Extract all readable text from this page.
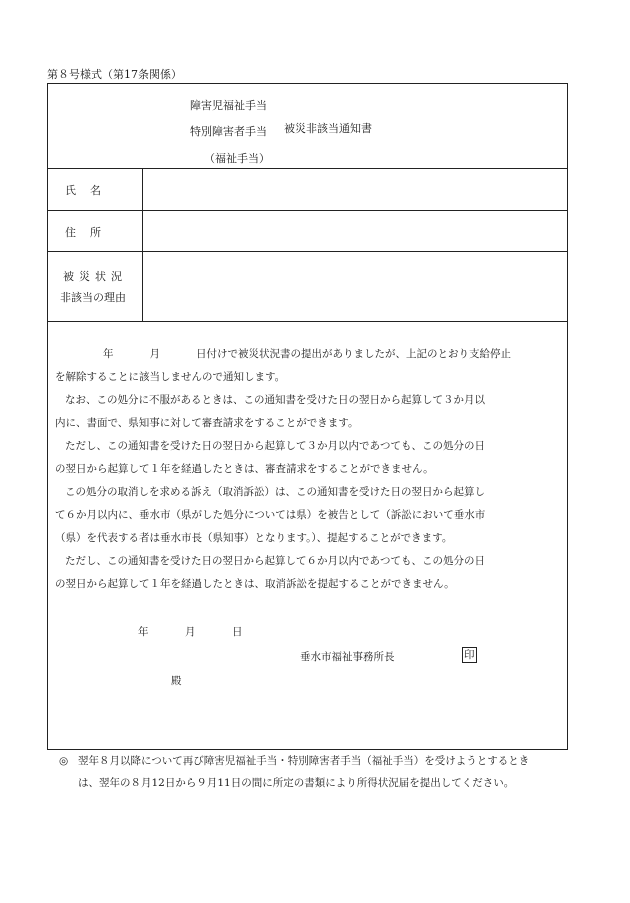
第８号様式（第17条関係）
障害児福祉手当
特別障害者手当 被災非該当通知書
（福祉手当）
氏名
住所
被災状況
非該当の理由
年	月	日付けで被災状況書の提出がありましたが、上記のとおり支給停止
を解除することに該当しませんので通知します。
なお、この処分に不服があるときは、この通知書を受けた日の翌日から起算して３か月以
内に、書面で、県知事に対して審査請求をすることができます。
ただし、この通知書を受けた日の翌日から起算して３か月以内であつても、この処分の日
の翌日から起算して１年を経過したときは、審査請求をすることができません。
この処分の取消しを求める訴え（取消訴訟）は、この通知書を受けた日の翌日から起算し
て６か月以内に、垂水市（県がした処分については県）を被告として（訴訟において垂水市
（県）を代表する者は垂水市長（県知事）となります。）、提起することができます。
ただし、この通知書を受けた日の翌日から起算して６か月以内であつても、この処分の日
の翌日から起算して１年を経過したときは、取消訴訟を提起することができません。
年	月	日
垂水市福祉事務所長	印
殿
◎ 翌年８月以降について再び障害児福祉手当・特別障害者手当（福祉手当）を受けようとするとき
は、翌年の８月12日から９月11日の間に所定の書類により所得状況届を提出してください。
